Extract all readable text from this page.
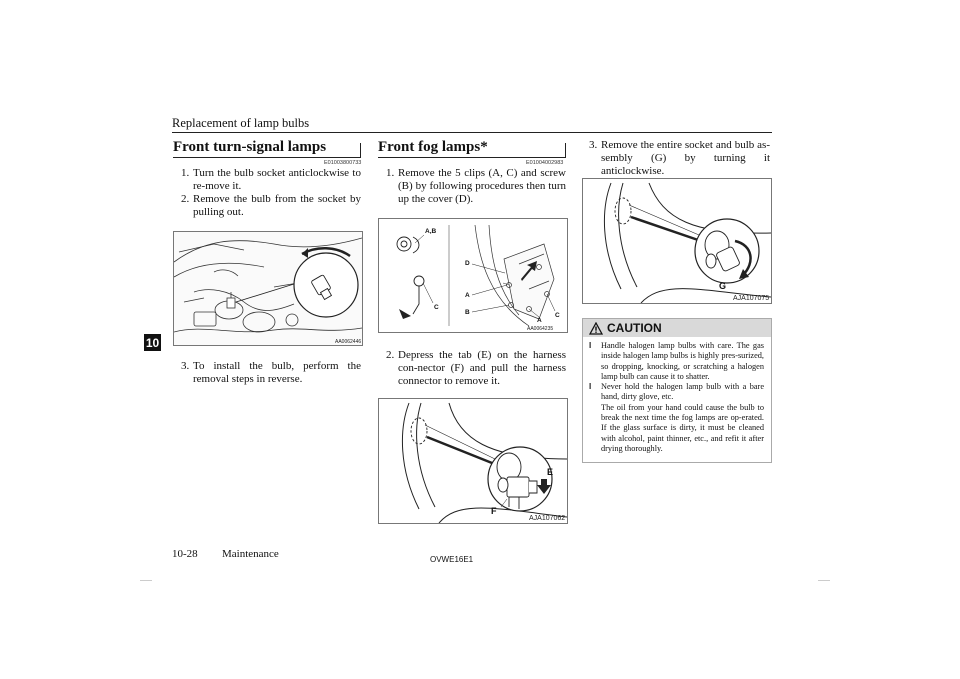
Replacement of lamp bulbs
10
Front turn-signal lamps
E01003800733
1. Turn the bulb socket anticlockwise to re-move it.
2. Remove the bulb from the socket by pulling out.
AA0062446
3. To install the bulb, perform the removal steps in reverse.
Front fog lamps*
E01004002983
1. Remove the 5 clips (A, C) and screw (B) by following procedures then turn up the cover (D).
A,B
C
D
A
B	C
A
AA0064235
2. Depress the tab (E) on the harness con-nector (F) and pull the harness connector to remove it.
E
F
AJA107062
3. Remove the entire socket and bulb as-sembly (G) by turning it anticlockwise.
G
AJA107075
CAUTION
l	Handle halogen lamp bulbs with care. The gas inside halogen lamp bulbs is highly pres-surized, so dropping, knocking, or scratching a halogen lamp bulb can cause it to shatter.
l	Never hold the halogen lamp bulb with a bare hand, dirty glove, etc.
The oil from your hand could cause the bulb to break the next time the fog lamps are op-erated. If the glass surface is dirty, it must be cleaned with alcohol, paint thinner, etc., and refit it after drying thoroughly.
10-28 Maintenance	OVWE16E1
